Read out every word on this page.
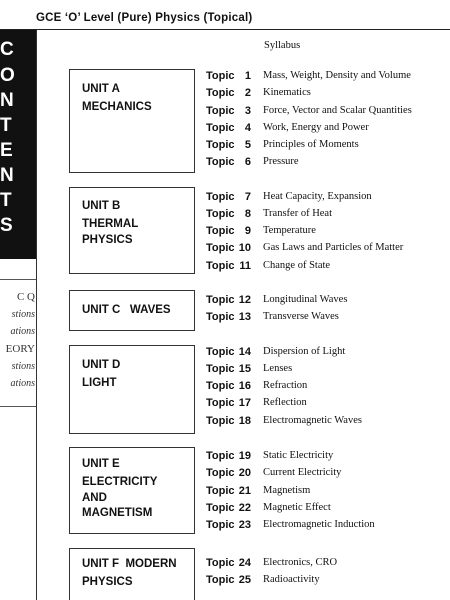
GCE ‘O’ Level (Pure) Physics (Topical)
C
O
N
T
E
N
T
S
C Q
stions
ations
EORY
stions
ations
Syllabus
UNIT A
MECHANICS
UNIT B
THERMAL
PHYSICS
UNIT C   WAVES
UNIT D
LIGHT
UNIT E
ELECTRICITY
AND
MAGNETISM
UNIT F  MODERN
PHYSICS
Topic 1 Mass, Weight, Density and Volume
Topic 2 Kinematics
Topic 3 Force, Vector and Scalar Quantities
Topic 4 Work, Energy and Power
Topic 5 Principles of Moments
Topic 6 Pressure
Topic 7 Heat Capacity, Expansion
Topic 8 Transfer of Heat
Topic 9 Temperature
Topic 10 Gas Laws and Particles of Matter
Topic 11 Change of State
Topic 12 Longitudinal Waves
Topic 13 Transverse Waves
Topic 14 Dispersion of Light
Topic 15 Lenses
Topic 16 Refraction
Topic 17 Reflection
Topic 18 Electromagnetic Waves
Topic 19 Static Electricity
Topic 20 Current Electricity
Topic 21 Magnetism
Topic 22 Magnetic Effect
Topic 23 Electromagnetic Induction
Topic 24 Electronics, CRO
Topic 25 Radioactivity
